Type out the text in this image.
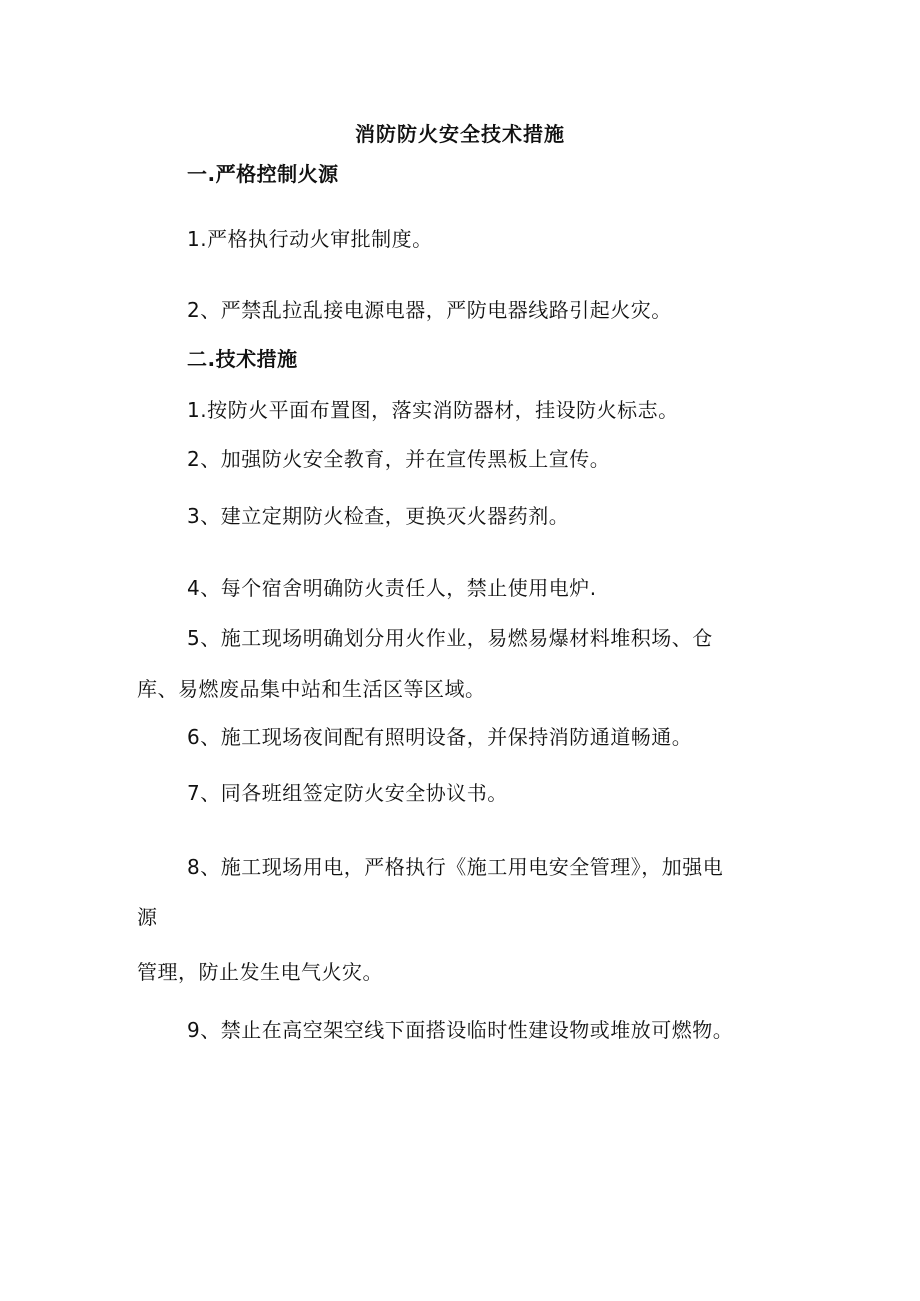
消防防火安全技术措施
一.严格控制火源
1.严格执行动火审批制度。
2、严禁乱拉乱接电源电器，严防电器线路引起火灾。
二.技术措施
1.按防火平面布置图，落实消防器材，挂设防火标志。
2、加强防火安全教育，并在宣传黑板上宣传。
3、建立定期防火检查，更换灭火器药剂。
4、每个宿舍明确防火责任人，禁止使用电炉.
5、施工现场明确划分用火作业，易燃易爆材料堆积场、仓
库、易燃废品集中站和生活区等区域。
6、施工现场夜间配有照明设备，并保持消防通道畅通。
7、同各班组签定防火安全协议书。
8、施工现场用电，严格执行《施工用电安全管理》，加强电
源
管理，防止发生电气火灾。
9、禁止在高空架空线下面搭设临时性建设物或堆放可燃物。
